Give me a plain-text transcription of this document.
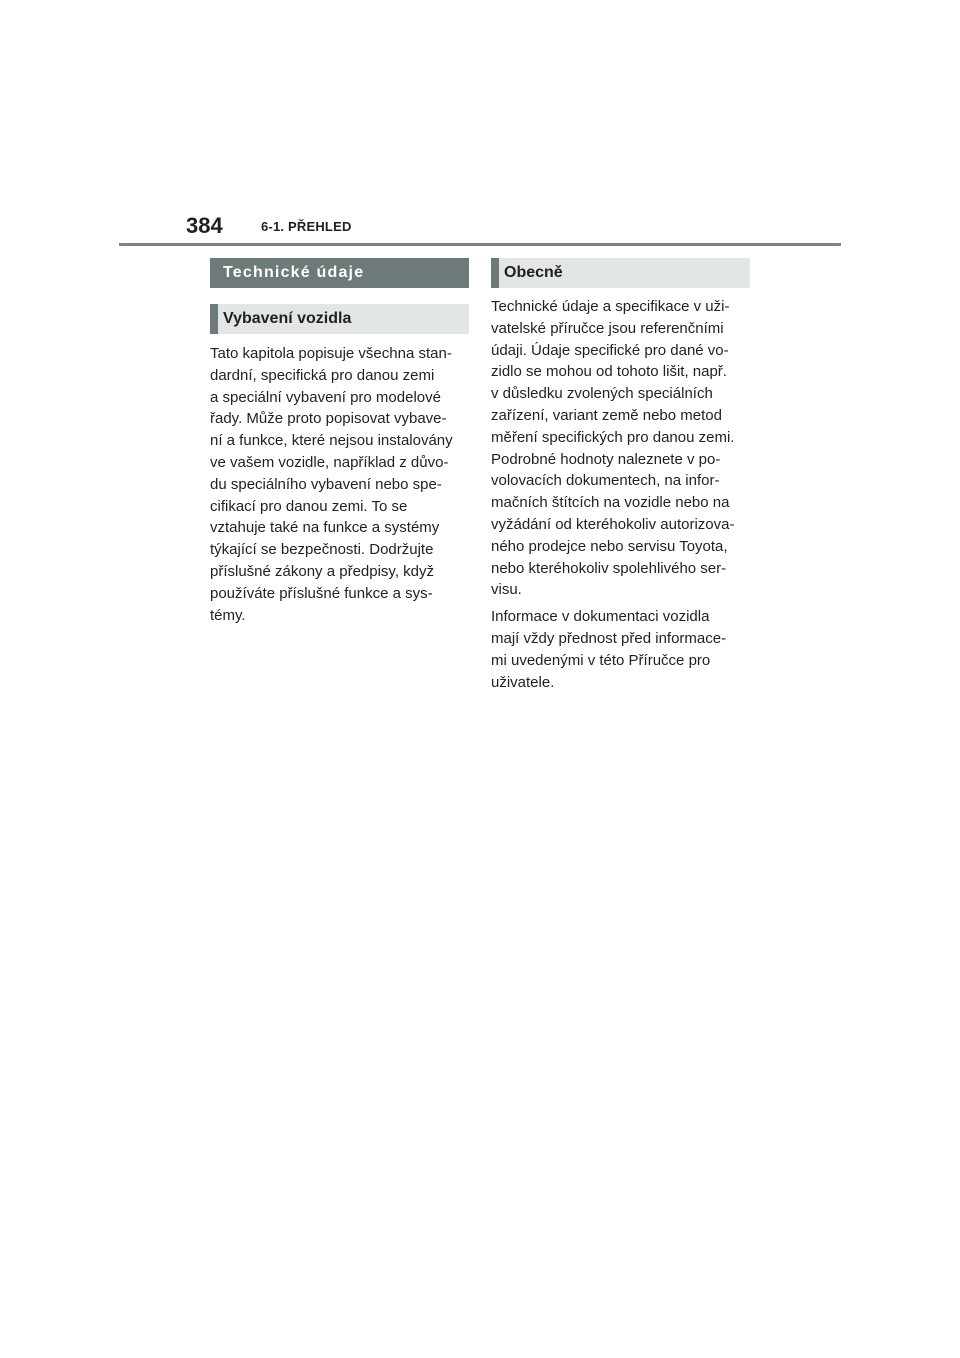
384	6-1. PŘEHLED
Technické údaje
Vybavení vozidla

Tato kapitola popisuje všechna stan-
dardní, specifická pro danou zemi
a speciální vybavení pro modelové
řady. Může proto popisovat vybave-
ní a funkce, které nejsou instalovány
ve vašem vozidle, například z důvo-
du speciálního vybavení nebo spe-
cifikací pro danou zemi. To se
vztahuje také na funkce a systémy
týkající se bezpečnosti. Dodržujte
příslušné zákony a předpisy, když
používáte příslušné funkce a sys-
témy.

Obecně

Technické údaje a specifikace v uži-
vatelské příručce jsou referenčními
údaji. Údaje specifické pro dané vo-
zidlo se mohou od tohoto lišit, např.
v důsledku zvolených speciálních
zařízení, variant země nebo metod
měření specifických pro danou zemi.
Podrobné hodnoty naleznete v po-
volovacích dokumentech, na infor-
mačních štítcích na vozidle nebo na
vyžádání od kteréhokoliv autorizova-
ného prodejce nebo servisu Toyota,
nebo kteréhokoliv spolehlivého ser-
visu.

Informace v dokumentaci vozidla
mají vždy přednost před informace-
mi uvedenými v této Příručce pro
uživatele.
